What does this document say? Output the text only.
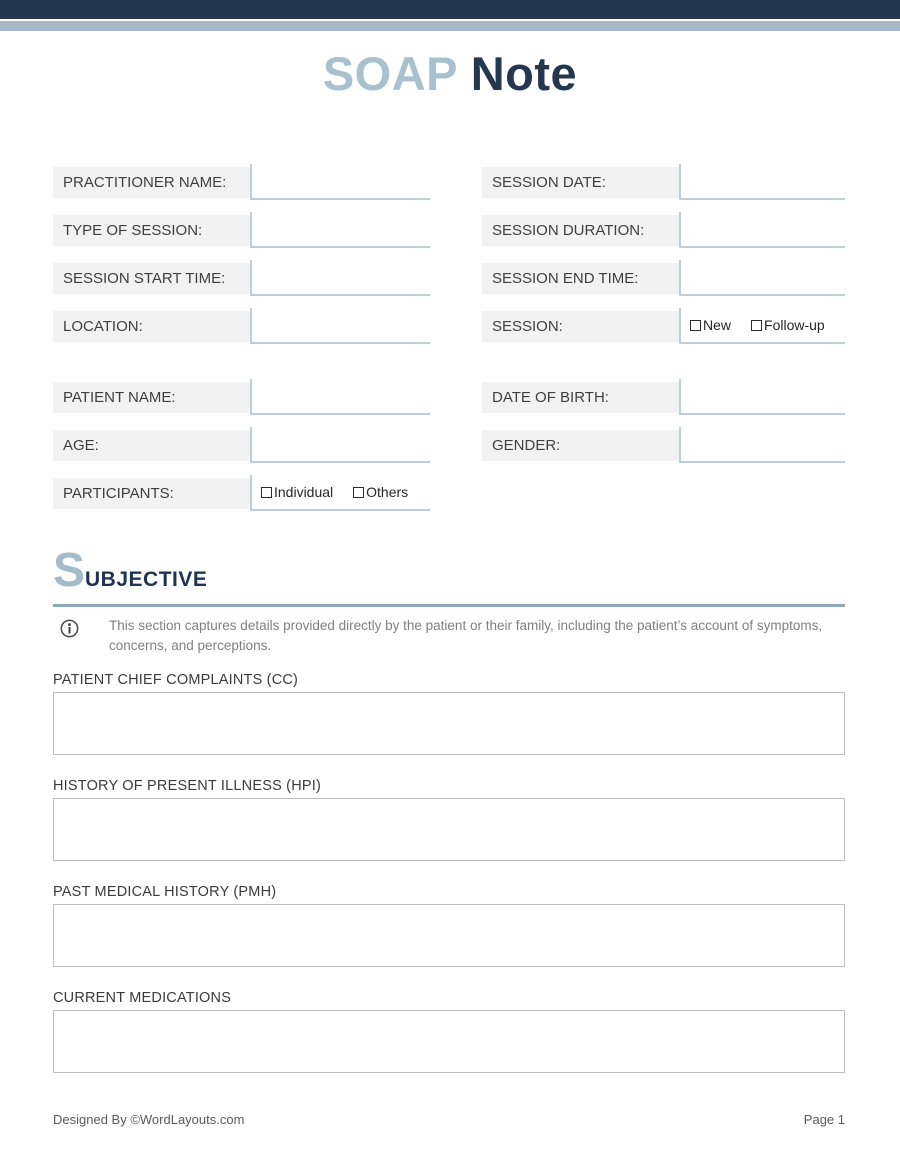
SOAP Note
PRACTITIONER NAME:	SESSION DATE:
TYPE OF SESSION:	SESSION DURATION:
SESSION START TIME:	SESSION END TIME:
LOCATION:	SESSION:	New Follow-up
PATIENT NAME:	DATE OF BIRTH:
AGE:	GENDER:
PARTICIPANTS:	Individual Others
SUBJECTIVE
This section captures details provided directly by the patient or their family, including the patient’s account of symptoms, concerns, and perceptions.
PATIENT CHIEF COMPLAINTS (CC)
HISTORY OF PRESENT ILLNESS (HPI)
PAST MEDICAL HISTORY (PMH)
CURRENT MEDICATIONS
Designed By ©WordLayouts.com	Page 1
